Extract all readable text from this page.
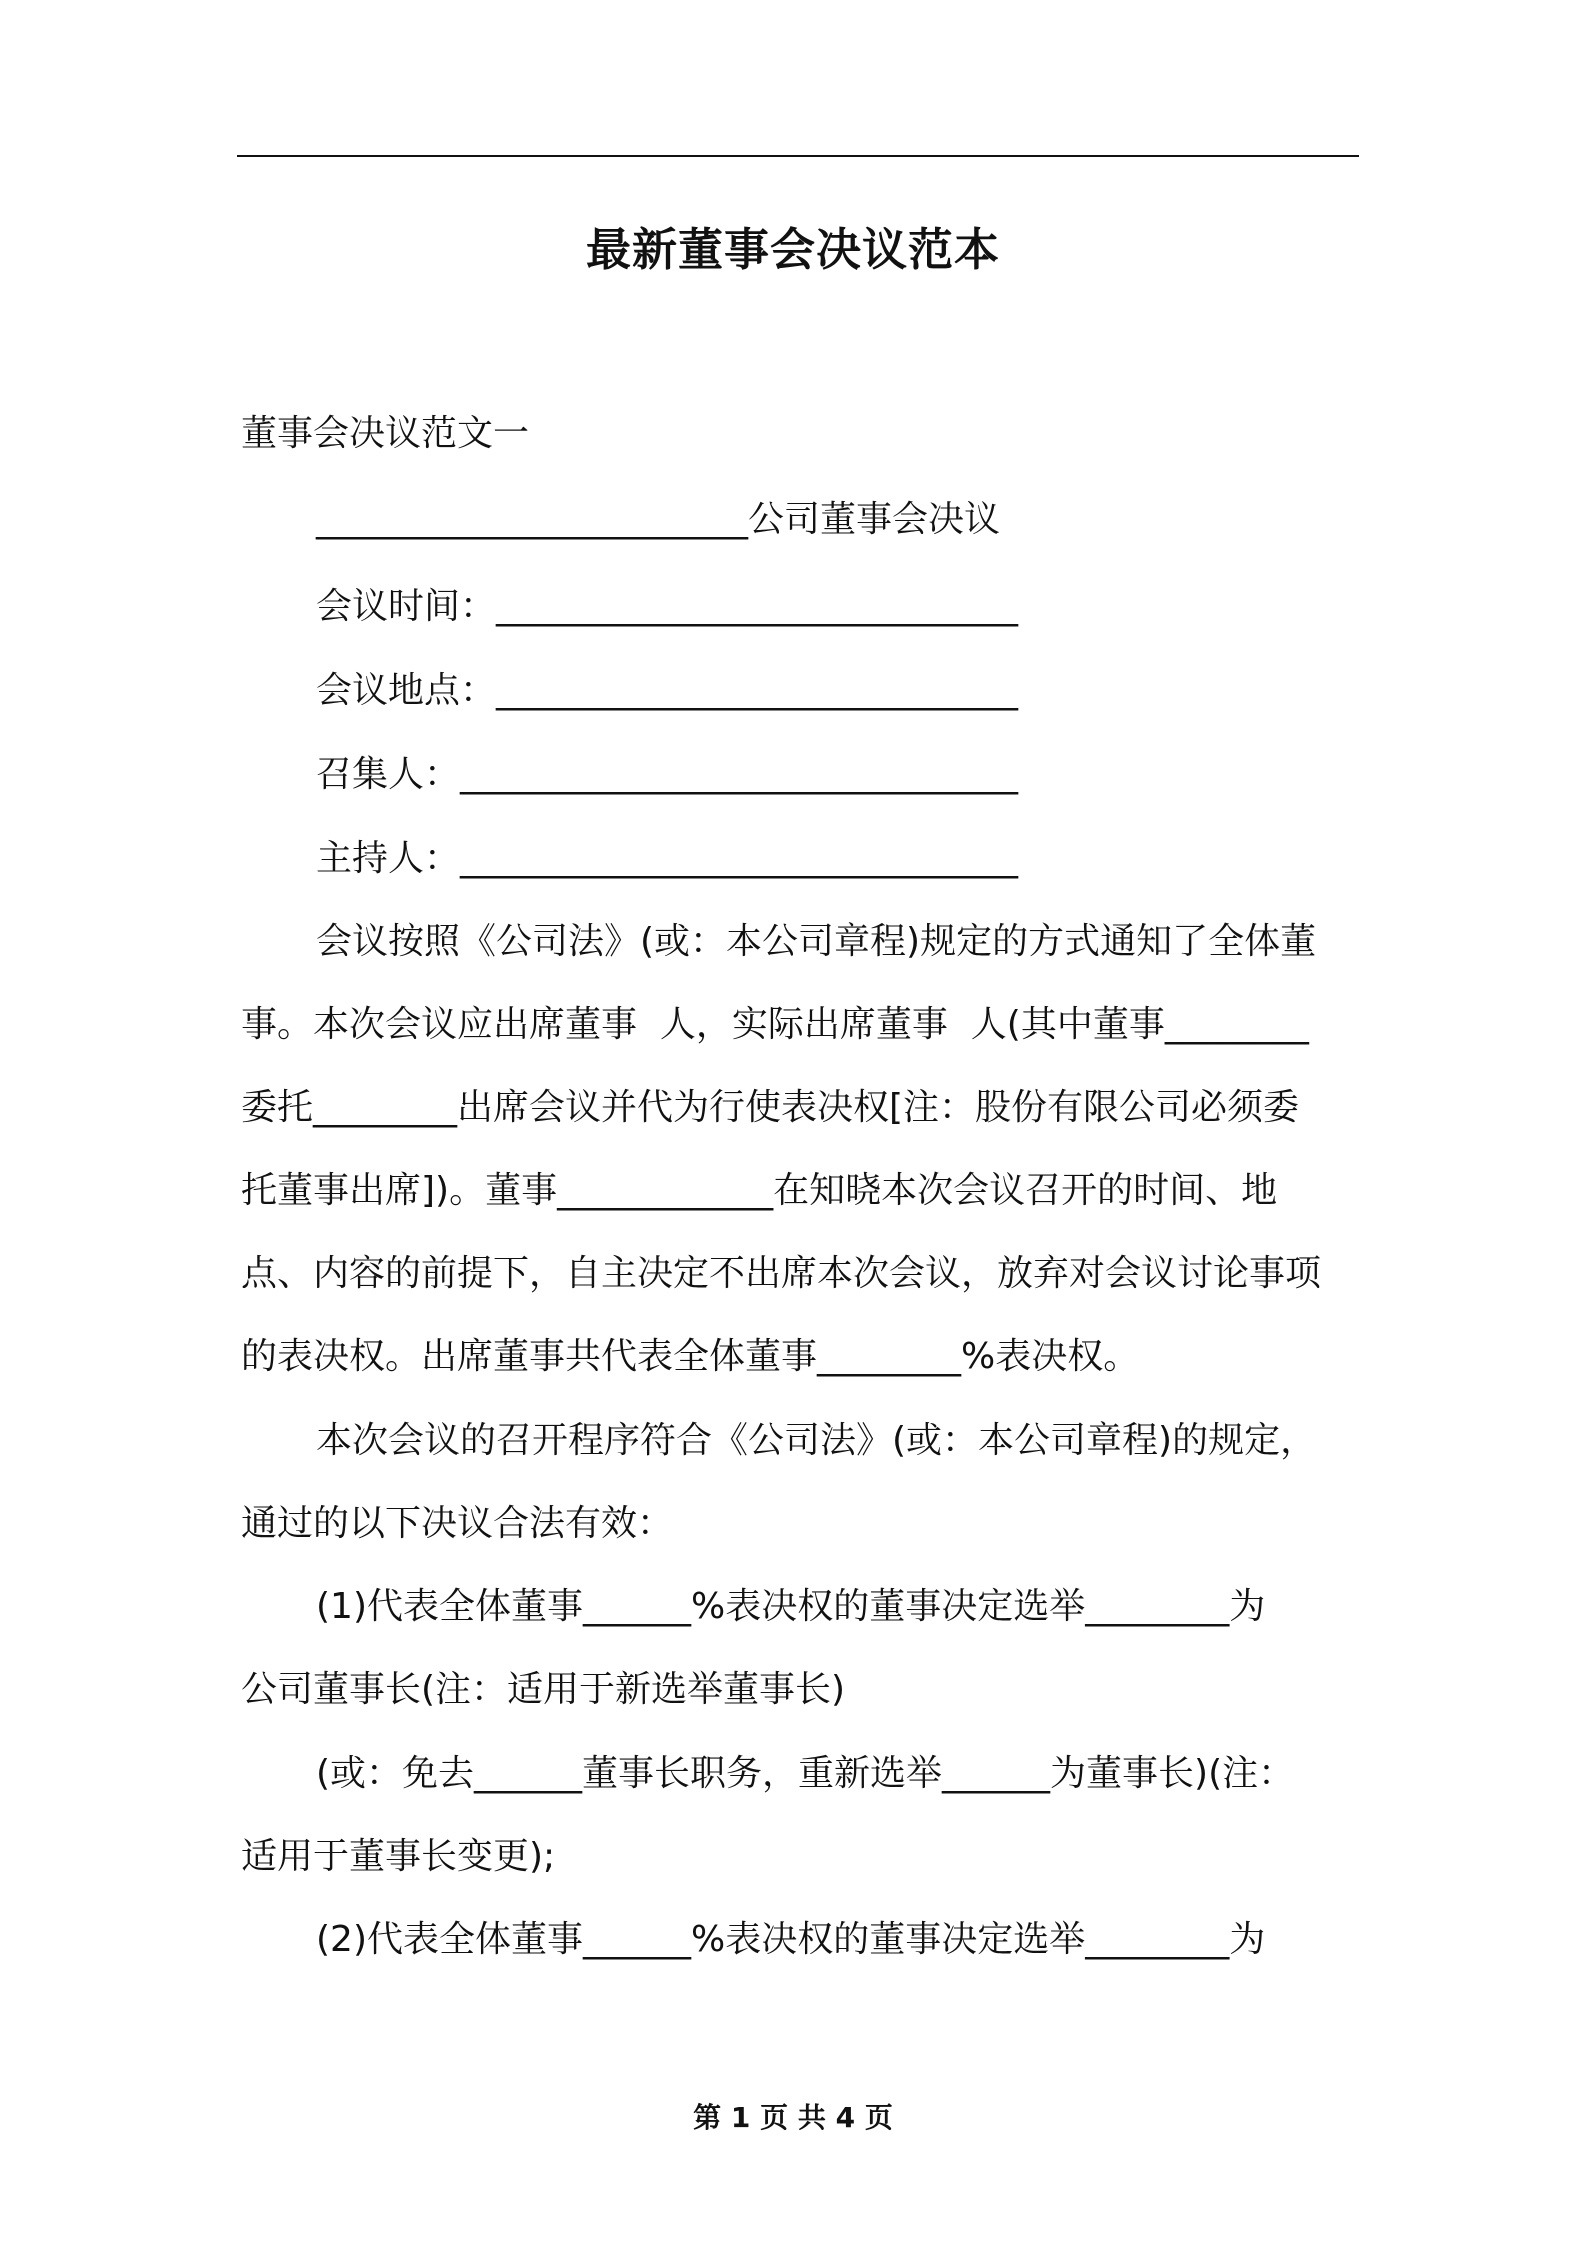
最新董事会决议范本
董事会决议范文一
________________________公司董事会决议
会议时间：_____________________________
会议地点：_____________________________
召集人：_______________________________
主持人：_______________________________
会议按照《公司法》(或：本公司章程)规定的方式通知了全体董
事。本次会议应出席董事  人，实际出席董事  人(其中董事________
委托________出席会议并代为行使表决权[注：股份有限公司必须委
托董事出席])。董事____________在知晓本次会议召开的时间、地
点、内容的前提下，自主决定不出席本次会议，放弃对会议讨论事项
的表决权。出席董事共代表全体董事________%表决权。
本次会议的召开程序符合《公司法》(或：本公司章程)的规定，
通过的以下决议合法有效：
(1)代表全体董事______%表决权的董事决定选举________为
公司董事长(注：适用于新选举董事长)
(或：免去______董事长职务，重新选举______为董事长)(注：
适用于董事长变更);
(2)代表全体董事______%表决权的董事决定选举________为
第 1 页 共 4 页
